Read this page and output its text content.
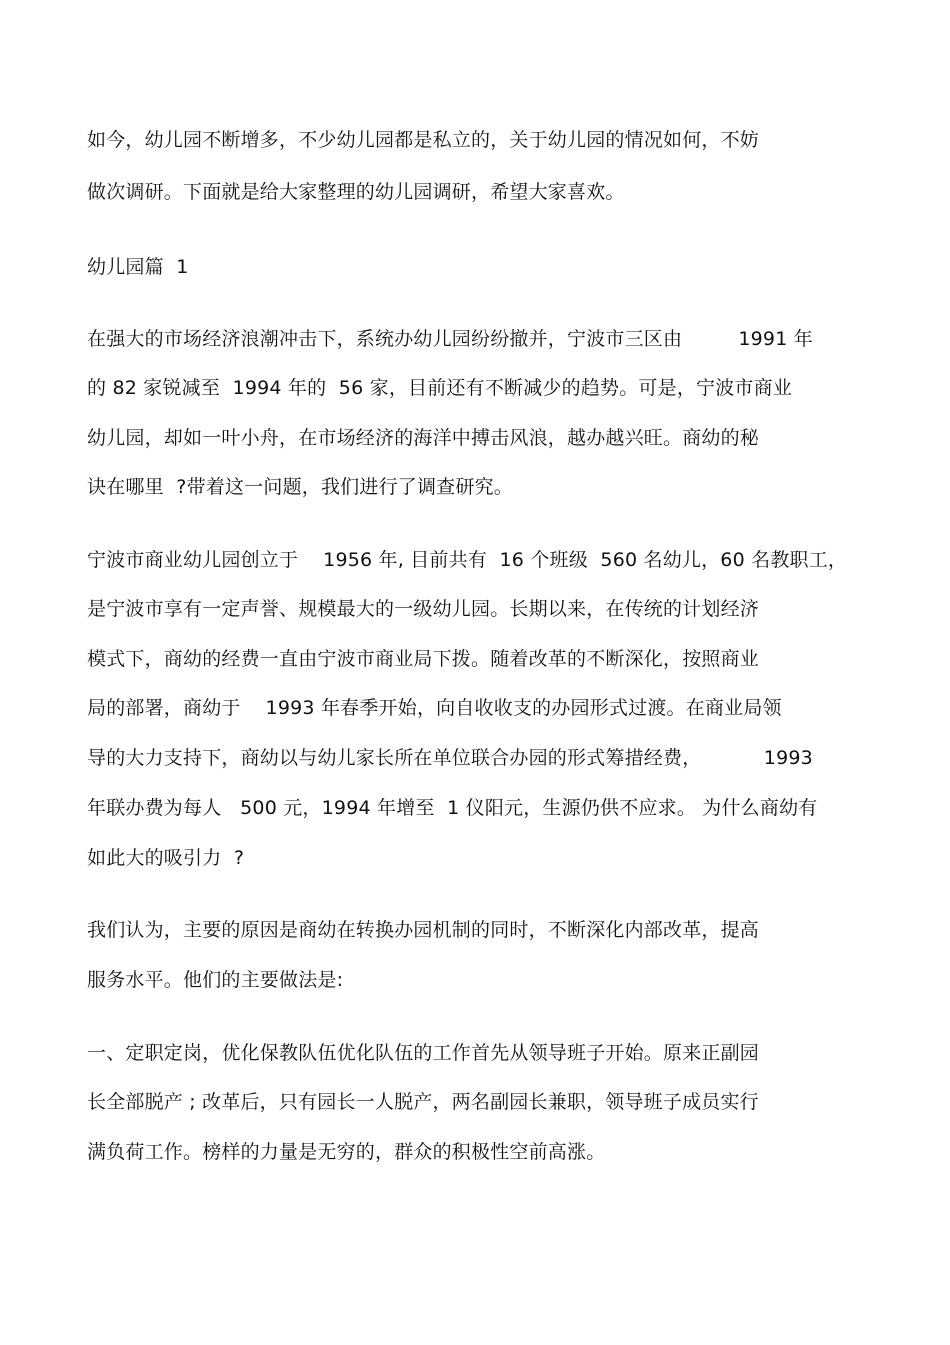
如今，幼儿园不断增多，不少幼儿园都是私立的，关于幼儿园的情况如何，不妨
做次调研。下面就是给大家整理的幼儿园调研，希望大家喜欢。
幼儿园篇  1
在强大的市场经济浪潮冲击下，系统办幼儿园纷纷撤并，宁波市三区由         1991 年
的 82 家锐减至  1994 年的  56 家，目前还有不断减少的趋势。可是，宁波市商业
幼儿园，却如一叶小舟，在市场经济的海洋中搏击风浪，越办越兴旺。商幼的秘
诀在哪里  ?带着这一问题，我们进行了调查研究。
宁波市商业幼儿园创立于    1956 年, 目前共有  16 个班级  560 名幼儿，60 名教职工，
是宁波市享有一定声誉、规模最大的一级幼儿园。长期以来，在传统的计划经济
模式下，商幼的经费一直由宁波市商业局下拨。随着改革的不断深化，按照商业
局的部署，商幼于    1993 年春季开始，向自收收支的办园形式过渡。在商业局领
导的大力支持下，商幼以与幼儿家长所在单位联合办园的形式筹措经费，          1993
年联办费为每人   500 元，1994 年增至  1 仪阳元，生源仍供不应求。 为什么商幼有
如此大的吸引力  ?
我们认为，主要的原因是商幼在转换办园机制的同时，不断深化内部改革，提高
服务水平。他们的主要做法是:
一、定职定岗，优化保教队伍优化队伍的工作首先从领导班子开始。原来正副园
长全部脱产 ; 改革后，只有园长一人脱产，两名副园长兼职，领导班子成员实行
满负荷工作。榜样的力量是无穷的，群众的积极性空前高涨。
